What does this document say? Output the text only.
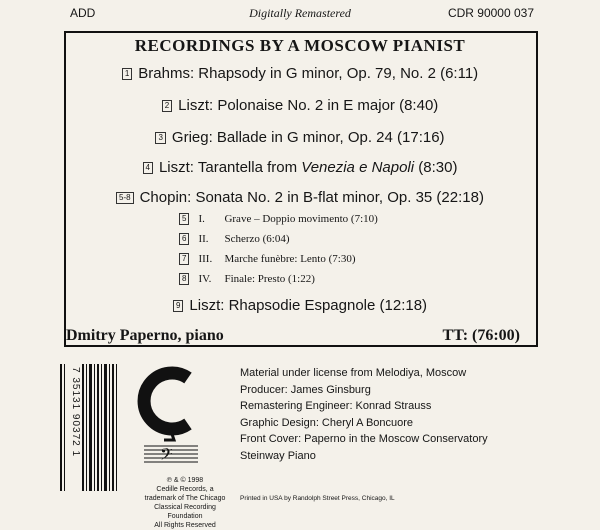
ADD	Digitally Remastered	CDR 90000 037
RECORDINGS BY A MOSCOW PIANIST
1 Brahms: Rhapsody in G minor, Op. 79, No. 2 (6:11)
2 Liszt: Polonaise No. 2 in E major (8:40)
3 Grieg: Ballade in G minor, Op. 24 (17:16)
4 Liszt: Tarantella from Venezia e Napoli (8:30)
5-8 Chopin: Sonata No. 2 in B-flat minor, Op. 35 (22:18)
5 I. Grave – Doppio movimento (7:10)
6 II. Scherzo (6:04)
7 III. Marche funèbre: Lento (7:30)
8 IV. Finale: Presto (1:22)
9 Liszt: Rhapsodie Espagnole (12:18)
Dmitry Paperno, piano	TT: (76:00)
7 35131 90372 1	𝄢
℗ & © 1998
Cedille Records, a trademark of The Chicago Classical Recording Foundation
All Rights Reserved
Material under license from Melodiya, Moscow
Producer: James Ginsburg
Remastering Engineer: Konrad Strauss
Graphic Design: Cheryl A Boncuore
Front Cover: Paperno in the Moscow Conservatory
Steinway Piano
Printed in USA by Randolph Street Press, Chicago, IL
